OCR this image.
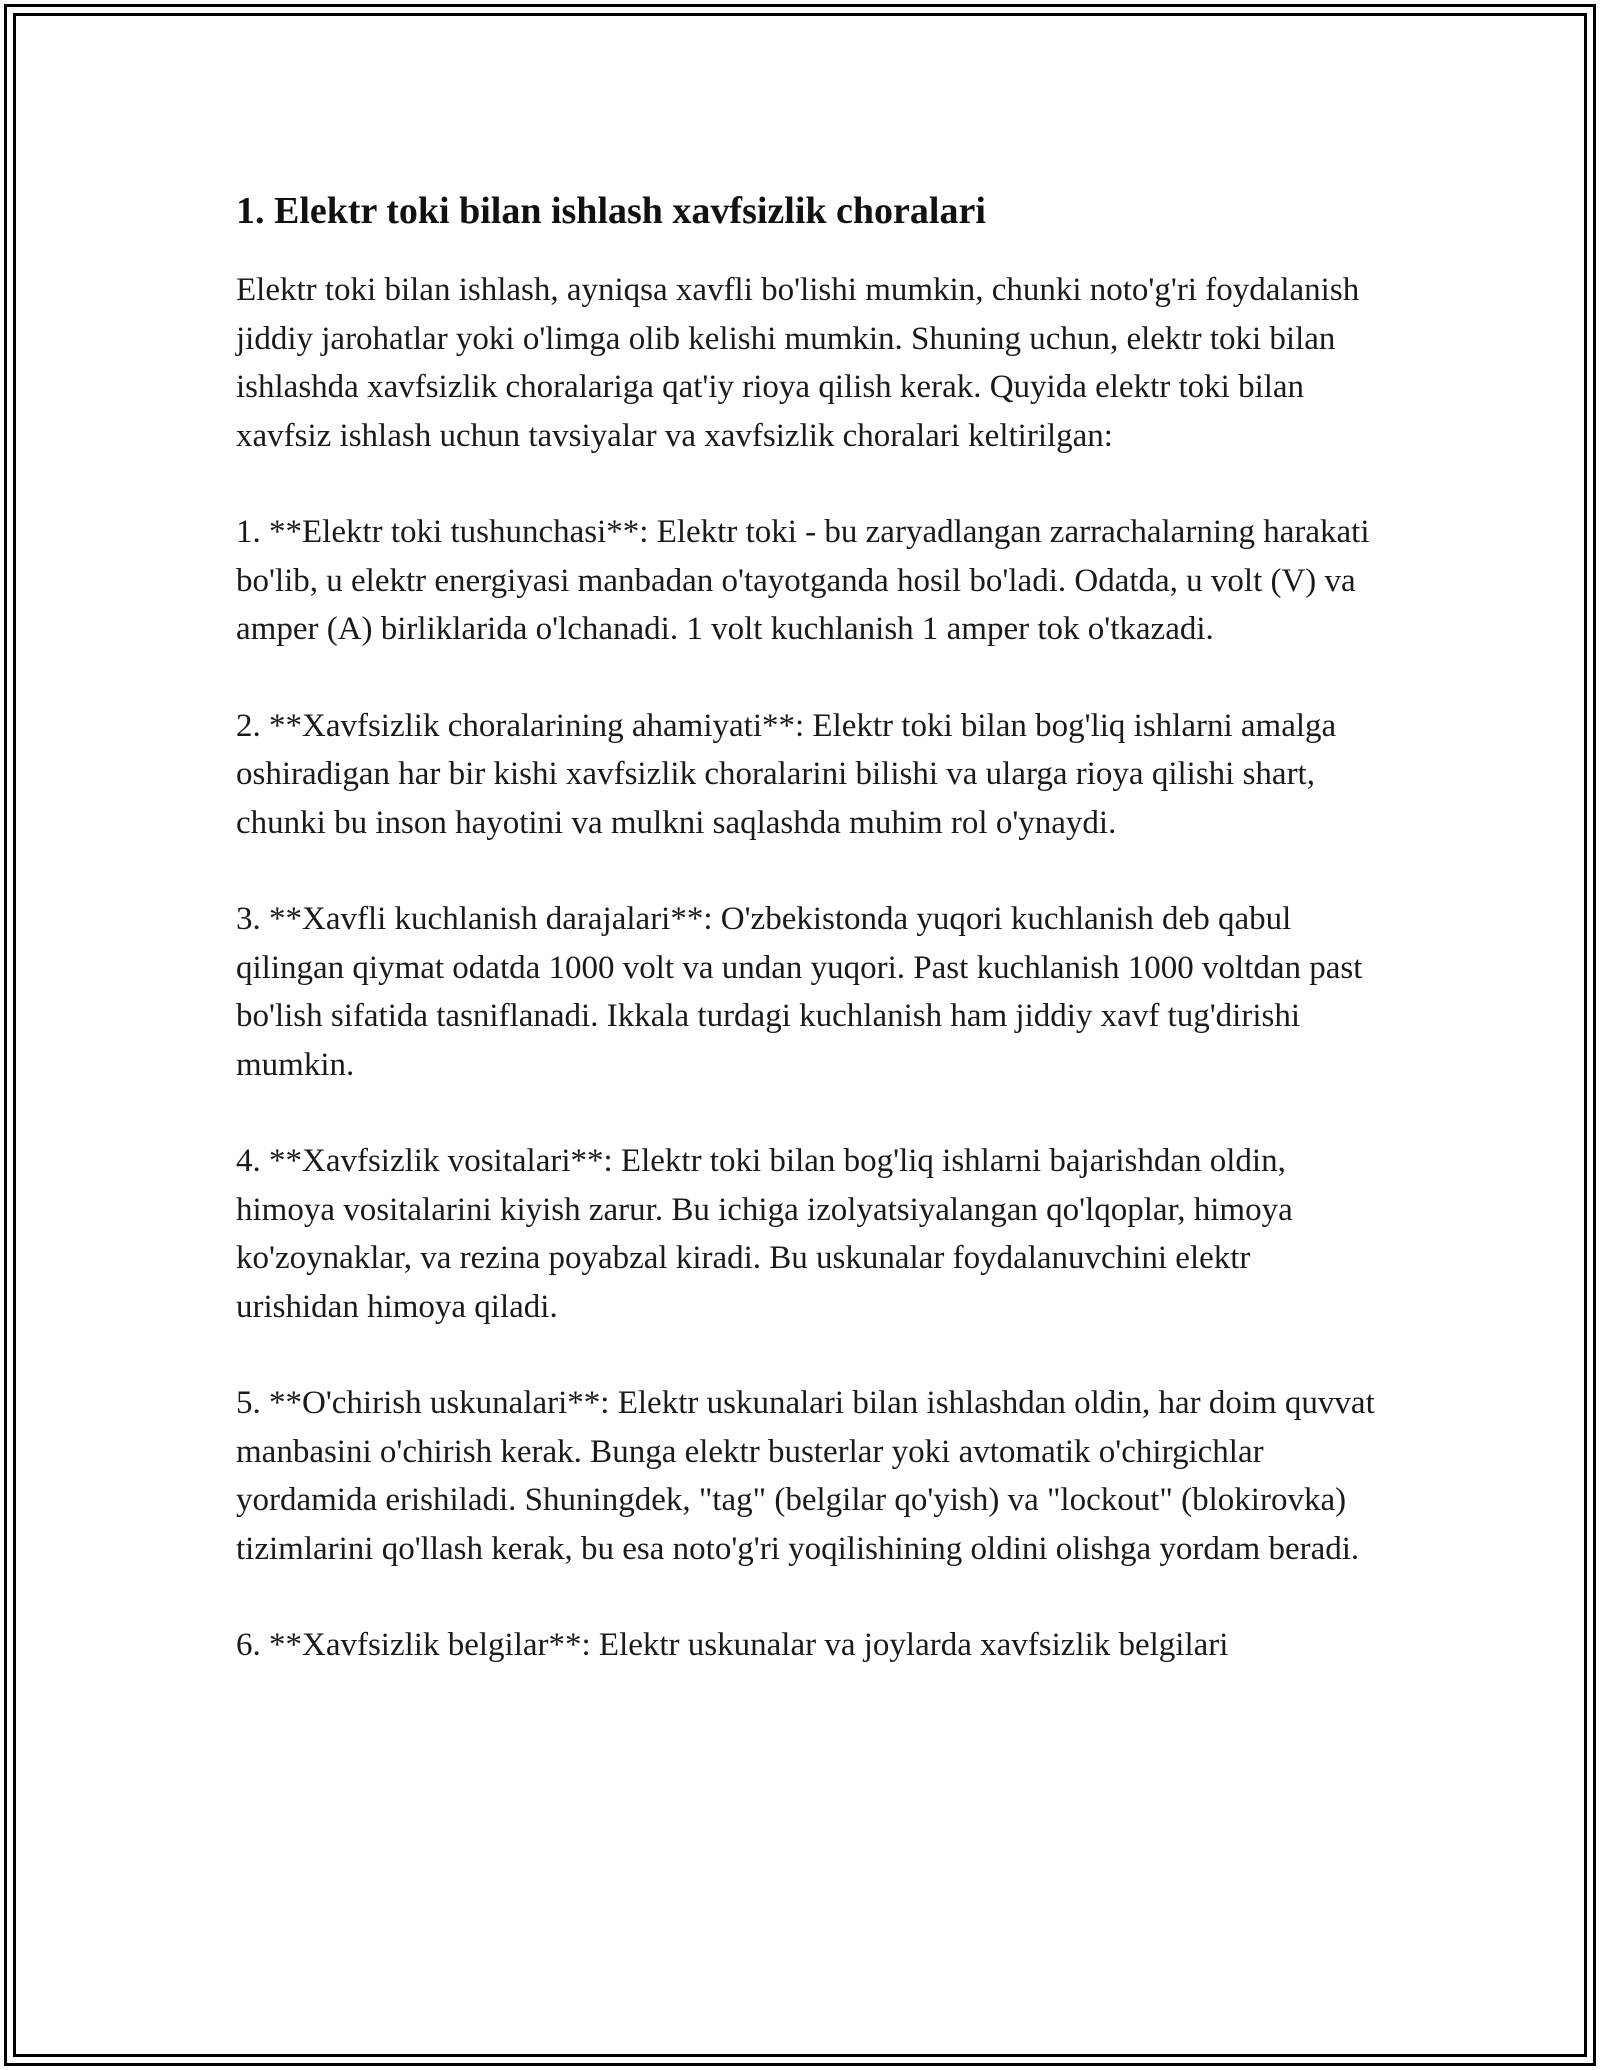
1. Elektr toki bilan ishlash xavfsizlik choralari

Elektr toki bilan ishlash, ayniqsa xavfli bo'lishi mumkin, chunki noto'g'ri foydalanish jiddiy jarohatlar yoki o'limga olib kelishi mumkin. Shuning uchun, elektr toki bilan ishlashda xavfsizlik choralariga qat'iy rioya qilish kerak. Quyida elektr toki bilan xavfsiz ishlash uchun tavsiyalar va xavfsizlik choralari keltirilgan:

1. **Elektr toki tushunchasi**: Elektr toki - bu zaryadlangan zarrachalarning harakati bo'lib, u elektr energiyasi manbadan o'tayotganda hosil bo'ladi. Odatda, u volt (V) va amper (A) birliklarida o'lchanadi. 1 volt kuchlanish 1 amper tok o'tkazadi.

2. **Xavfsizlik choralarining ahamiyati**: Elektr toki bilan bog'liq ishlarni amalga oshiradigan har bir kishi xavfsizlik choralarini bilishi va ularga rioya qilishi shart, chunki bu inson hayotini va mulkni saqlashda muhim rol o'ynaydi.

3. **Xavfli kuchlanish darajalari**: O'zbekistonda yuqori kuchlanish deb qabul qilingan qiymat odatda 1000 volt va undan yuqori. Past kuchlanish 1000 voltdan past bo'lish sifatida tasniflanadi. Ikkala turdagi kuchlanish ham jiddiy xavf tug'dirishi mumkin.

4. **Xavfsizlik vositalari**: Elektr toki bilan bog'liq ishlarni bajarishdan oldin, himoya vositalarini kiyish zarur. Bu ichiga izolyatsiyalangan qo'lqoplar, himoya ko'zoynaklar, va rezina poyabzal kiradi. Bu uskunalar foydalanuvchini elektr urishidan himoya qiladi.

5. **O'chirish uskunalari**: Elektr uskunalari bilan ishlashdan oldin, har doim quvvat manbasini o'chirish kerak. Bunga elektr busterlar yoki avtomatik o'chirgichlar yordamida erishiladi. Shuningdek, "tag" (belgilar qo'yish) va "lockout" (blokirovka) tizimlarini qo'llash kerak, bu esa noto'g'ri yoqilishining oldini olishga yordam beradi.

6. **Xavfsizlik belgilar**: Elektr uskunalar va joylarda xavfsizlik belgilari
